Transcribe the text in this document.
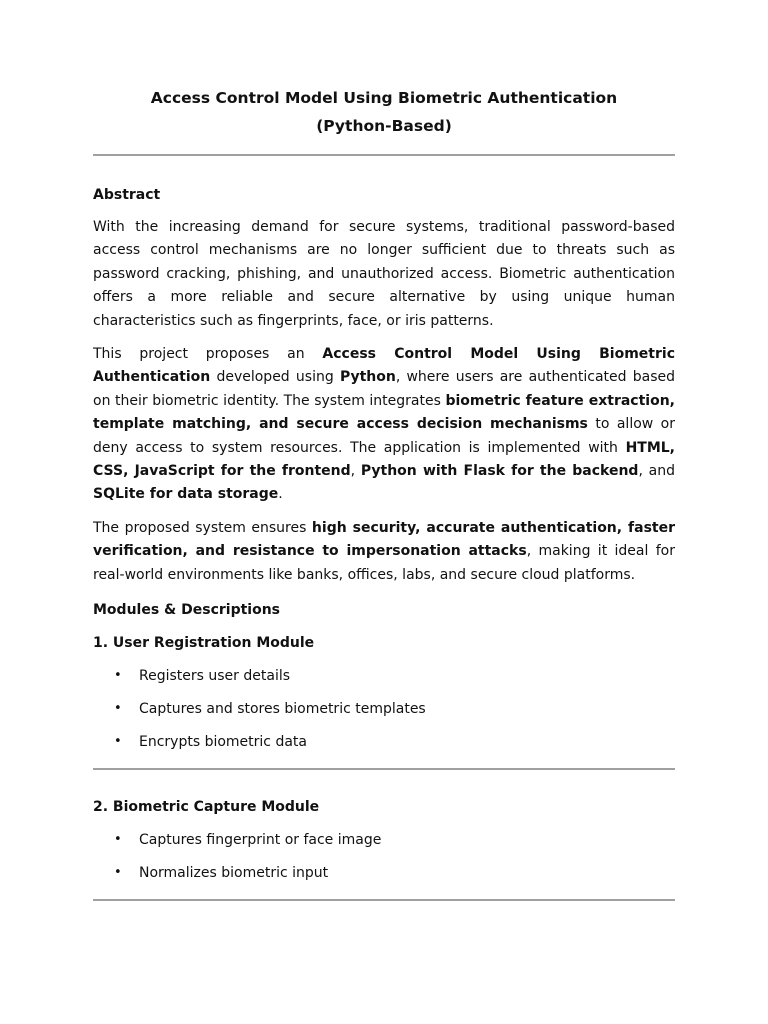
Access Control Model Using Biometric Authentication
(Python-Based)
Abstract

With the increasing demand for secure systems, traditional password-based access control mechanisms are no longer sufficient due to threats such as password cracking, phishing, and unauthorized access. Biometric authentication offers a more reliable and secure alternative by using unique human characteristics such as fingerprints, face, or iris patterns.

This project proposes an Access Control Model Using Biometric Authentication developed using Python, where users are authenticated based on their biometric identity. The system integrates biometric feature extraction, template matching, and secure access decision mechanisms to allow or deny access to system resources. The application is implemented with HTML, CSS, JavaScript for the frontend, Python with Flask for the backend, and SQLite for data storage.

The proposed system ensures high security, accurate authentication, faster verification, and resistance to impersonation attacks, making it ideal for real-world environments like banks, offices, labs, and secure cloud platforms.

Modules & Descriptions
1. User Registration Module
• Registers user details
• Captures and stores biometric templates
• Encrypts biometric data
2. Biometric Capture Module
• Captures fingerprint or face image
• Normalizes biometric input
